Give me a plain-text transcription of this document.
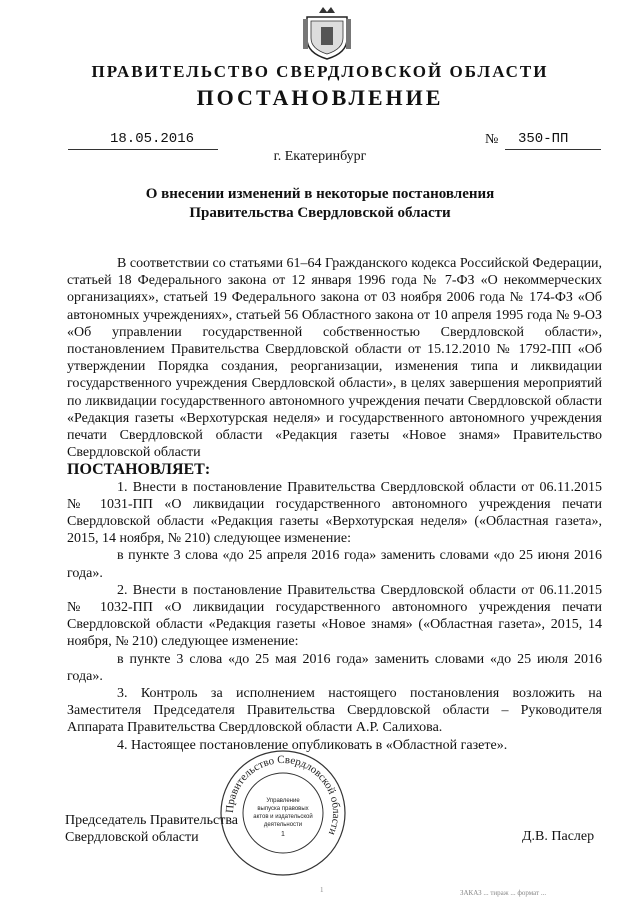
ПРАВИТЕЛЬСТВО СВЕРДЛОВСКОЙ ОБЛАСТИ
ПОСТАНОВЛЕНИЕ
18.05.2016	№ 350-ПП
г. Екатеринбург
О внесении изменений в некоторые постановления Правительства Свердловской области

В соответствии со статьями 61–64 Гражданского кодекса Российской Федерации, статьей 18 Федерального закона от 12 января 1996 года № 7-ФЗ «О некоммерческих организациях», статьей 19 Федерального закона от 03 ноября 2006 года № 174-ФЗ «Об автономных учреждениях», статьей 56 Областного закона от 10 апреля 1995 года № 9-ОЗ «Об управлении государственной собственностью Свердловской области», постановлением Правительства Свердловской области от 15.12.2010 № 1792-ПП «Об утверждении Порядка создания, реорганизации, изменения типа и ликвидации государственного учреждения Свердловской области», в целях завершения мероприятий по ликвидации государственного автономного учреждения печати Свердловской области «Редакция газеты «Верхотурская неделя» и государственного автономного учреждения печати Свердловской области «Редакция газеты «Новое знамя» Правительство Свердловской области

ПОСТАНОВЛЯЕТ:

1. Внести в постановление Правительства Свердловской области от 06.11.2015 № 1031-ПП «О ликвидации государственного автономного учреждения печати Свердловской области «Редакция газеты «Верхотурская неделя» («Областная газета», 2015, 14 ноября, № 210) следующее изменение:

в пункте 3 слова «до 25 апреля 2016 года» заменить словами «до 25 июня 2016 года».

2. Внести в постановление Правительства Свердловской области от 06.11.2015 № 1032-ПП «О ликвидации государственного автономного учреждения печати Свердловской области «Редакция газеты «Новое знамя» («Областная газета», 2015, 14 ноября, № 210) следующее изменение:

в пункте 3 слова «до 25 мая 2016 года» заменить словами «до 25 июля 2016 года».

3. Контроль за исполнением настоящего постановления возложить на Заместителя Председателя Правительства Свердловской области – Руководителя Аппарата Правительства Свердловской области А.Р. Салихова.

4. Настоящее постановление опубликовать в «Областной газете».

Правительство Свердловской области
Управление
выпуска правовых
актов и издательской
деятельности
1
Председатель Правительства
Свердловской области	Д.В. Паслер
1	ЗАКАЗ ... тираж ... формат ...
